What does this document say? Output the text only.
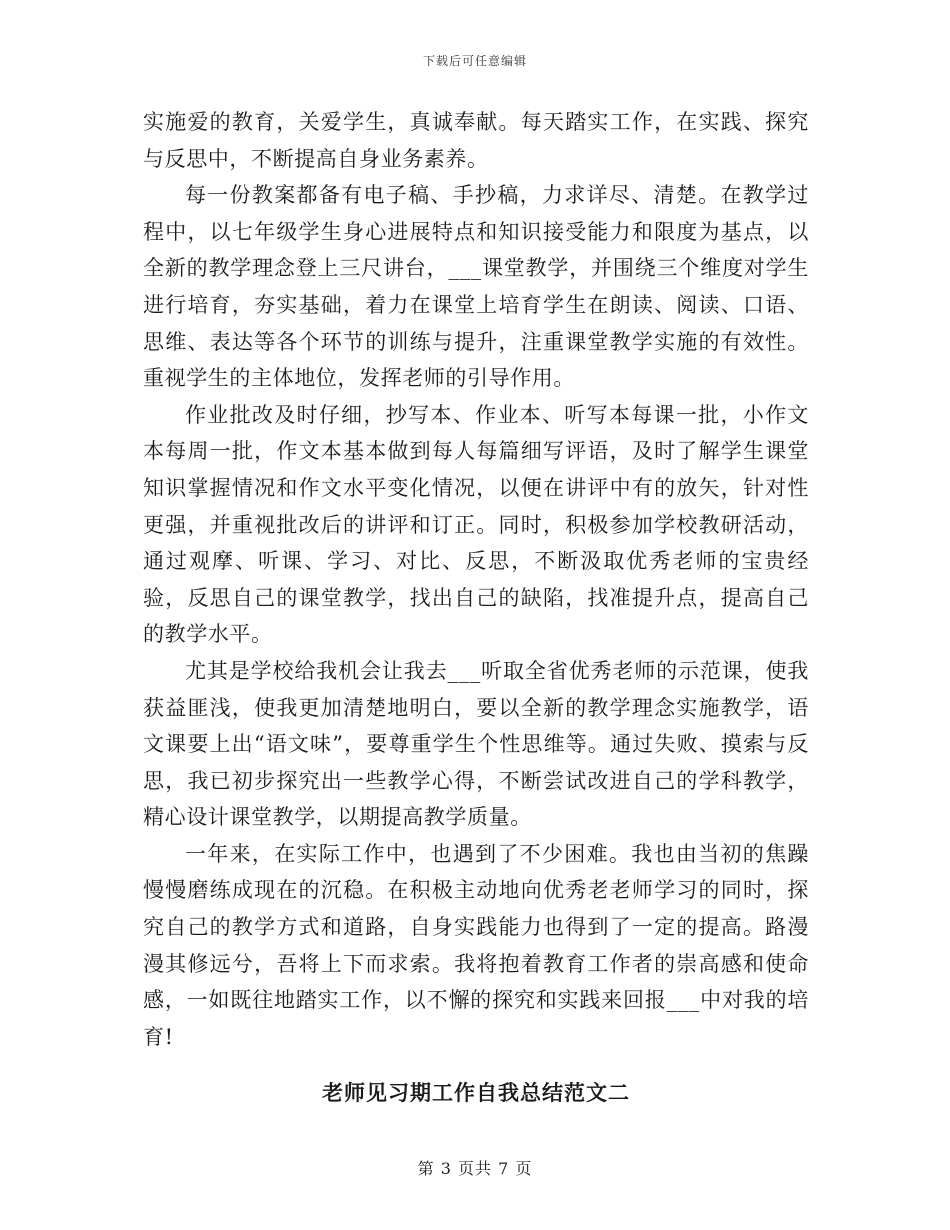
下载后可任意编辑

实施爱的教育，关爱学生，真诚奉献。每天踏实工作，在实践、探究与反思中，不断提高自身业务素养。

每一份教案都备有电子稿、手抄稿，力求详尽、清楚。在教学过程中，以七年级学生身心进展特点和知识接受能力和限度为基点，以全新的教学理念登上三尺讲台，___课堂教学，并围绕三个维度对学生进行培育，夯实基础，着力在课堂上培育学生在朗读、阅读、口语、思维、表达等各个环节的训练与提升，注重课堂教学实施的有效性。重视学生的主体地位，发挥老师的引导作用。

作业批改及时仔细，抄写本、作业本、听写本每课一批，小作文本每周一批，作文本基本做到每人每篇细写评语，及时了解学生课堂知识掌握情况和作文水平变化情况，以便在讲评中有的放矢，针对性更强，并重视批改后的讲评和订正。同时，积极参加学校教研活动，通过观摩、听课、学习、对比、反思，不断汲取优秀老师的宝贵经验，反思自己的课堂教学，找出自己的缺陷，找准提升点，提高自己的教学水平。

尤其是学校给我机会让我去___听取全省优秀老师的示范课，使我获益匪浅，使我更加清楚地明白，要以全新的教学理念实施教学，语文课要上出“语文味”，要尊重学生个性思维等。通过失败、摸索与反思，我已初步探究出一些教学心得，不断尝试改进自己的学科教学，精心设计课堂教学，以期提高教学质量。

一年来，在实际工作中，也遇到了不少困难。我也由当初的焦躁慢慢磨练成现在的沉稳。在积极主动地向优秀老老师学习的同时，探究自己的教学方式和道路，自身实践能力也得到了一定的提高。路漫漫其修远兮，吾将上下而求索。我将抱着教育工作者的崇高感和使命感，一如既往地踏实工作，以不懈的探究和实践来回报___中对我的培育!

老师见习期工作自我总结范文二
第 3 页共 7 页
